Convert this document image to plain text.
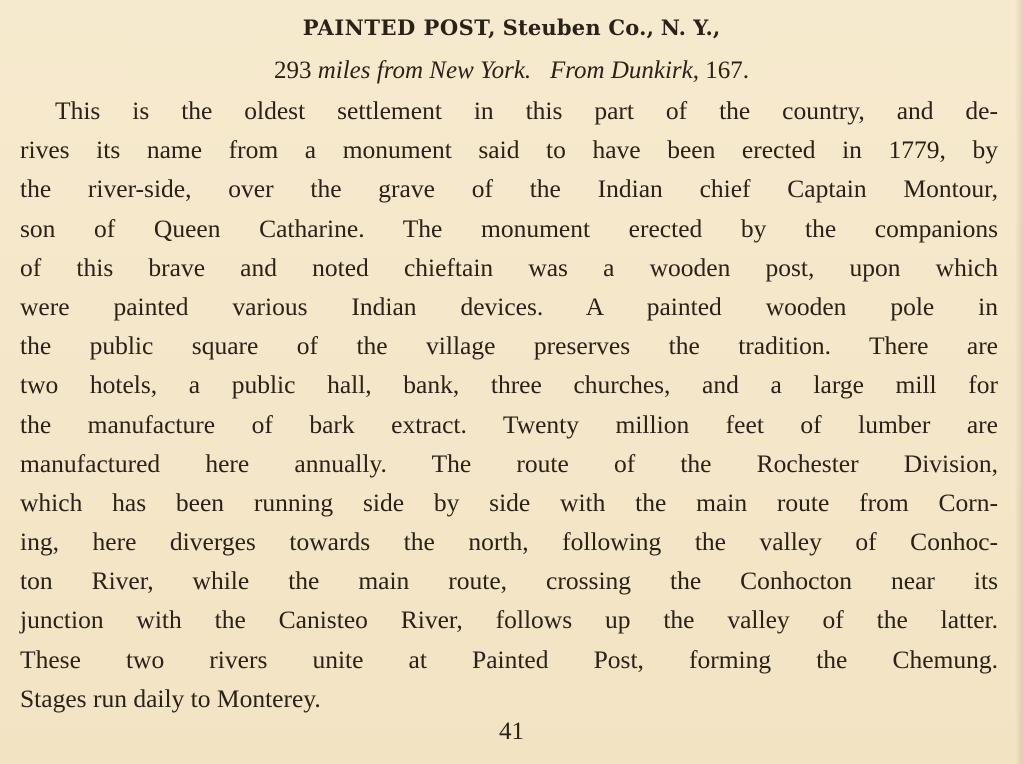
PAINTED POST, Steuben Co., N. Y.,
293 miles from New York. From Dunkirk, 167.
This is the oldest settlement in this part of the country, and de-
rives its name from a monument said to have been erected in 1779, by
the river-side, over the grave of the Indian chief Captain Montour,
son of Queen Catharine. The monument erected by the companions
of this brave and noted chieftain was a wooden post, upon which
were painted various Indian devices. A painted wooden pole in
the public square of the village preserves the tradition. There are
two hotels, a public hall, bank, three churches, and a large mill for
the manufacture of bark extract. Twenty million feet of lumber are
manufactured here annually. The route of the Rochester Division,
which has been running side by side with the main route from Corn-
ing, here diverges towards the north, following the valley of Conhoc-
ton River, while the main route, crossing the Conhocton near its
junction with the Canisteo River, follows up the valley of the latter.
These two rivers unite at Painted Post, forming the Chemung.
Stages run daily to Monterey.
41
